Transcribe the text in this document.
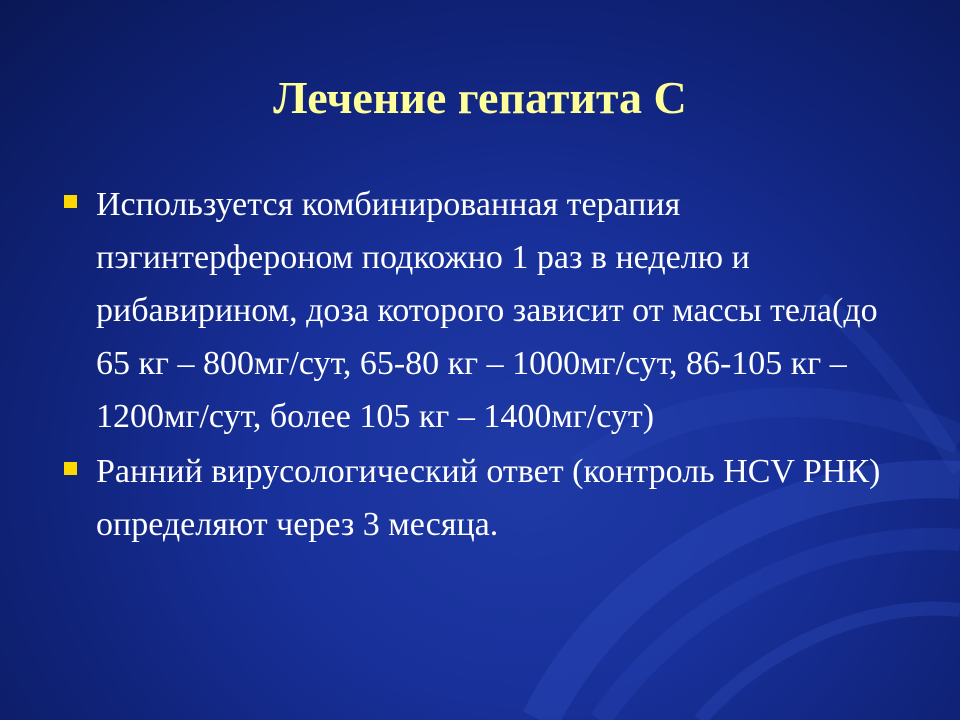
Лечение гепатита С
Используется комбинированная терапия пэгинтерфероном подкожно 1 раз в неделю и рибавирином, доза которого зависит от массы тела(до 65 кг – 800мг/сут, 65-80 кг – 1000мг/сут, 86-105 кг – 1200мг/сут, более 105 кг – 1400мг/сут)
Ранний вирусологический ответ (контроль HCV РНК) определяют через 3 месяца.
